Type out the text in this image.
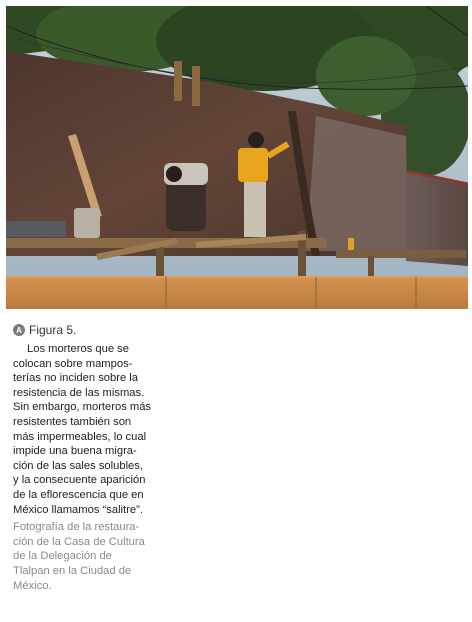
A Figura 5.
Los morteros que se
colocan sobre mampos-
terías no inciden sobre la
resistencia de las mismas.
Sin embargo, morteros más
resistentes también son
más impermeables, lo cual
impide una buena migra-
ción de las sales solubles,
y la consecuente aparición
de la eflorescencia que en
México llamamos “salitre”.
Fotografía de la restaura-
ción de la Casa de Cultura
de la Delegación de
Tlalpan en la Ciudad de
México.
